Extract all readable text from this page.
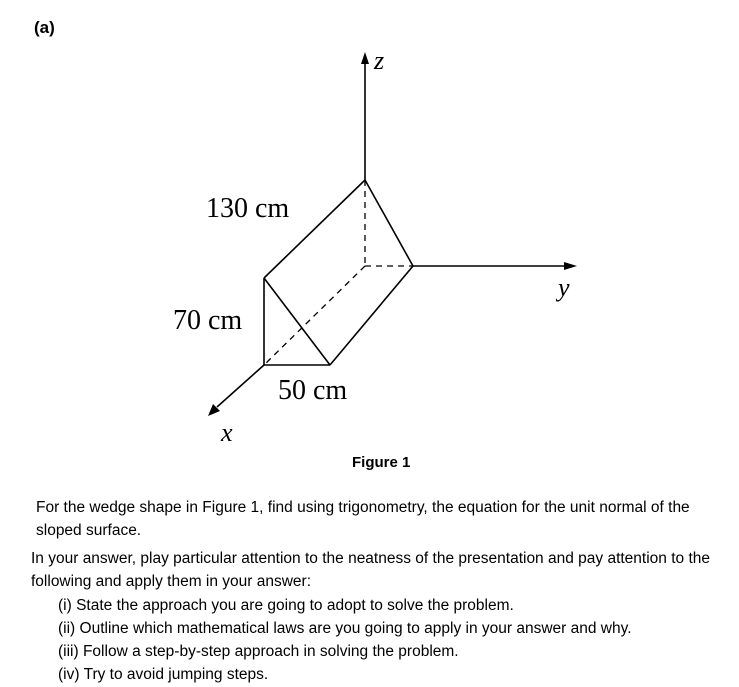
(a)
130 cm
70 cm
50 cm
z
y
x
Figure 1
For the wedge shape in Figure 1, find using trigonometry, the equation for the unit normal of the sloped surface.
In your answer, play particular attention to the neatness of the presentation and pay attention to the following and apply them in your answer:
(i) State the approach you are going to adopt to solve the problem.
(ii) Outline which mathematical laws are you going to apply in your answer and why.
(iii) Follow a step-by-step approach in solving the problem.
(iv) Try to avoid jumping steps.
